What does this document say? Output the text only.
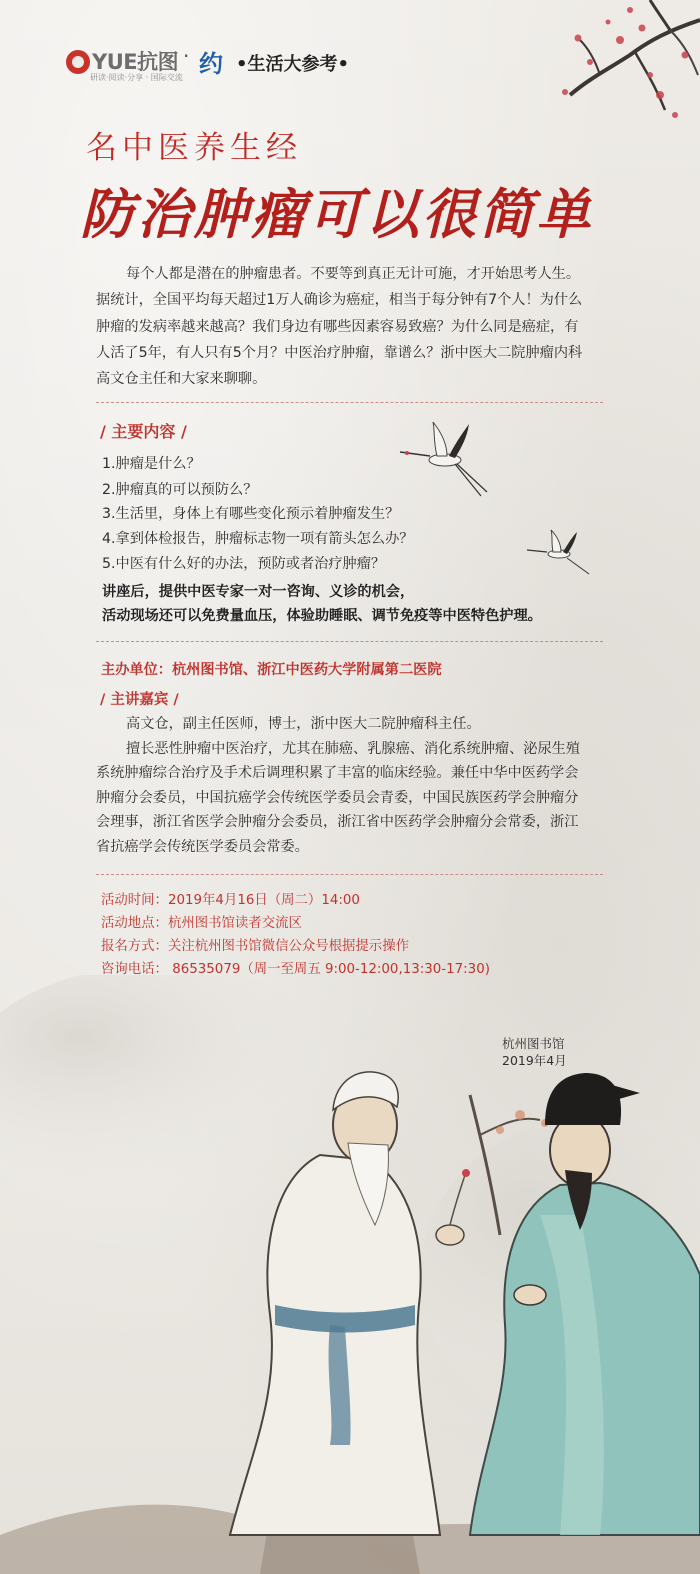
YUE抗图
研读·阅读·分享 · 国际交流
· 约 •生活大参考•
名中医养生经
防治肿瘤可以很简单
每个人都是潜在的肿瘤患者。不要等到真正无计可施，才开始思考人生。
据统计，全国平均每天超过1万人确诊为癌症，相当于每分钟有7个人！为什么
肿瘤的发病率越来越高？我们身边有哪些因素容易致癌？为什么同是癌症，有
人活了5年，有人只有5个月？中医治疗肿瘤，靠谱么？浙中医大二院肿瘤内科
高文仓主任和大家来聊聊。
/ 主要内容 /
1.肿瘤是什么？
2.肿瘤真的可以预防么？
3.生活里，身体上有哪些变化预示着肿瘤发生？
4.拿到体检报告，肿瘤标志物一项有箭头怎么办？
5.中医有什么好的办法，预防或者治疗肿瘤？
讲座后，提供中医专家一对一咨询、义诊的机会，
活动现场还可以免费量血压，体验助睡眠、调节免疫等中医特色护理。
主办单位：杭州图书馆、浙江中医药大学附属第二医院
/ 主讲嘉宾 /
高文仓，副主任医师，博士，浙中医大二院肿瘤科主任。
擅长恶性肿瘤中医治疗，尤其在肺癌、乳腺癌、消化系统肿瘤、泌尿生殖
系统肿瘤综合治疗及手术后调理积累了丰富的临床经验。兼任中华中医药学会
肿瘤分会委员，中国抗癌学会传统医学委员会青委，中国民族医药学会肿瘤分
会理事，浙江省医学会肿瘤分会委员，浙江省中医药学会肿瘤分会常委，浙江
省抗癌学会传统医学委员会常委。
活动时间：2019年4月16日（周二）14:00
活动地点：杭州图书馆读者交流区
报名方式：关注杭州图书馆微信公众号根据提示操作
咨询电话： 86535079（周一至周五 9:00-12:00,13:30-17:30)
杭州图书馆
2019年4月
